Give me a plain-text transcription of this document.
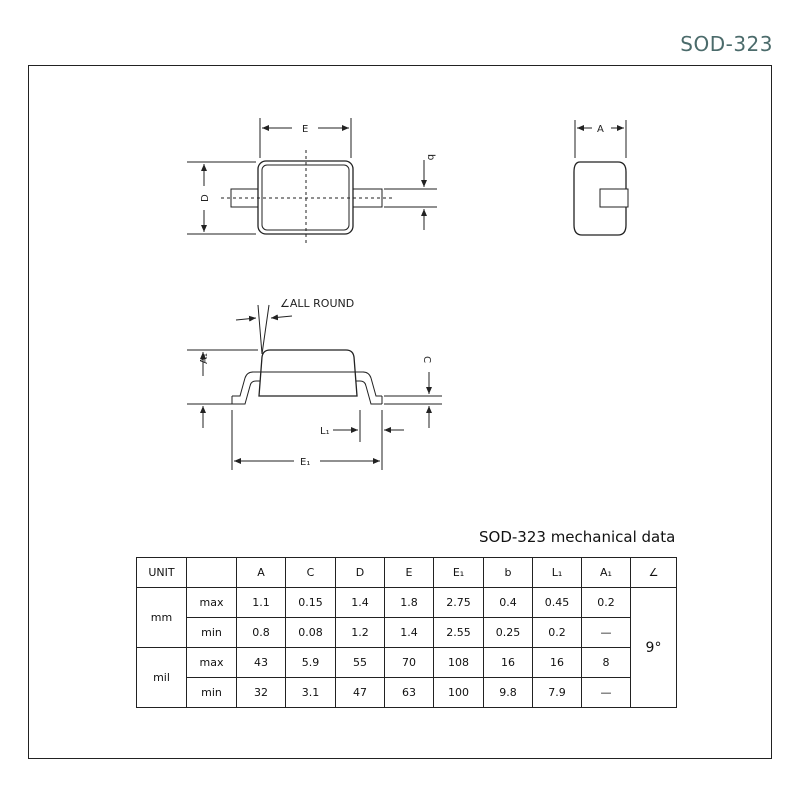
SOD-323
E	A
b
D
∠ALL ROUND
A₁	C
L₁
E₁
SOD-323 mechanical data
UNIT		A	C	D	E	E₁	b	L₁	A₁	∠
mm	max	1.1	0.15	1.4	1.8	2.75	0.4	0.45	0.2	9°
	min	0.8	0.08	1.2	1.4	2.55	0.25	0.2	—	
mil	max	43	5.9	55	70	108	16	16	8	
	min	32	3.1	47	63	100	9.8	7.9	—	
